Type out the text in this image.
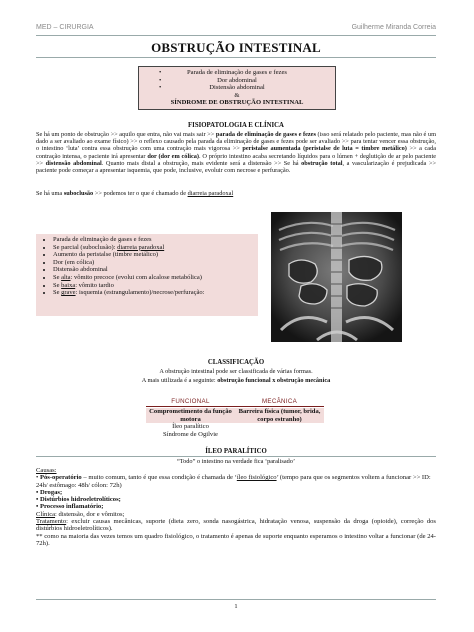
MED – CIRURGIA	Guilherme Miranda Correia
OBSTRUÇÃO INTESTINAL
• Parada de eliminação de gases e fezes
• Dor abdominal
• Distensão abdominal
&
SÍNDROME DE OBSTRUÇÃO INTESTINAL
FISIOPATOLOGIA E CLÍNICA
Se há um ponto de obstrução >> aquilo que entra, não vai mais sair >> parada de eliminação de gases e fezes (isso será relatado pelo paciente, mas não é um dado a ser avaliado ao exame físico) >> o reflexo causado pela parada da eliminação de gases e fezes pode ser avaliado >> para tentar vencer essa obstrução, o intestino ‘luta’ contra essa obstrução com uma contração mais vigorosa >> peristalse aumentada (peristalse de luta = timbre metálico) >> a cada contração intensa, o paciente irá apresentar dor (dor em cólica). O próprio intestino acaba secretando líquidos para o lúmen + deglutição de ar pelo paciente >> distensão abdominal. Quanto mais distal a obstrução, mais evidente será a distensão >> Se há obstrução total, a vascularização é prejudicada >> paciente pode começar a apresentar isquemia, que pode, inclusive, evoluir com necrose e perfuração.
Se há uma suboclusão >> podemos ter o que é chamado de diarreia paradoxal
• Parada de eliminação de gases e fezes
• Se parcial (suboclusão): diarreia paradoxal
• Aumento da peristalse (timbre metálico)
• Dor (em cólica)
• Distensão abdominal
• Se alta: vômito precoce (evolui com alcalose metabólica)
• Se baixa: vômito tardio
• Se grave: isquemia (estrangulamento)/necrose/perfuração:
CLASSIFICAÇÃO
A obstrução intestinal pode ser classificada de várias formas.
A mais utilizada é a seguinte: obstrução funcional x obstrução mecânica
FUNCIONAL	MECÂNICA
Comprometimento da função motora
Barreira física (tumor, brida, corpo estranho)
Íleo paralítico
Síndrome de Ogilvie
ÍLEO PARALÍTICO
“Todo” o intestino na verdade fica ‘paralisado’

Causas:

• Pós-operatório – muito comum, tanto é que essa condição é chamada de ‘íleo fisiológico’ (tempo para que os segmentos voltem a funcionar >> ID: 24h/ estômago: 48h/ cólon: 72h)

• Drogas;

• Distúrbios hidroeletrolíticos;

• Processo inflamatório;

Clínica: distensão, dor e vômitos;

Tratamento: excluir causas mecânicas, suporte (dieta zero, sonda nasogástrica, hidratação venosa, suspensão da droga (opioide), correção dos distúrbios hidroeletrolíticos).

** como na maioria das vezes temos um quadro fisiológico, o tratamento é apenas de suporte enquanto esperamos o intestino voltar a funcionar (de 24-72h).

1
